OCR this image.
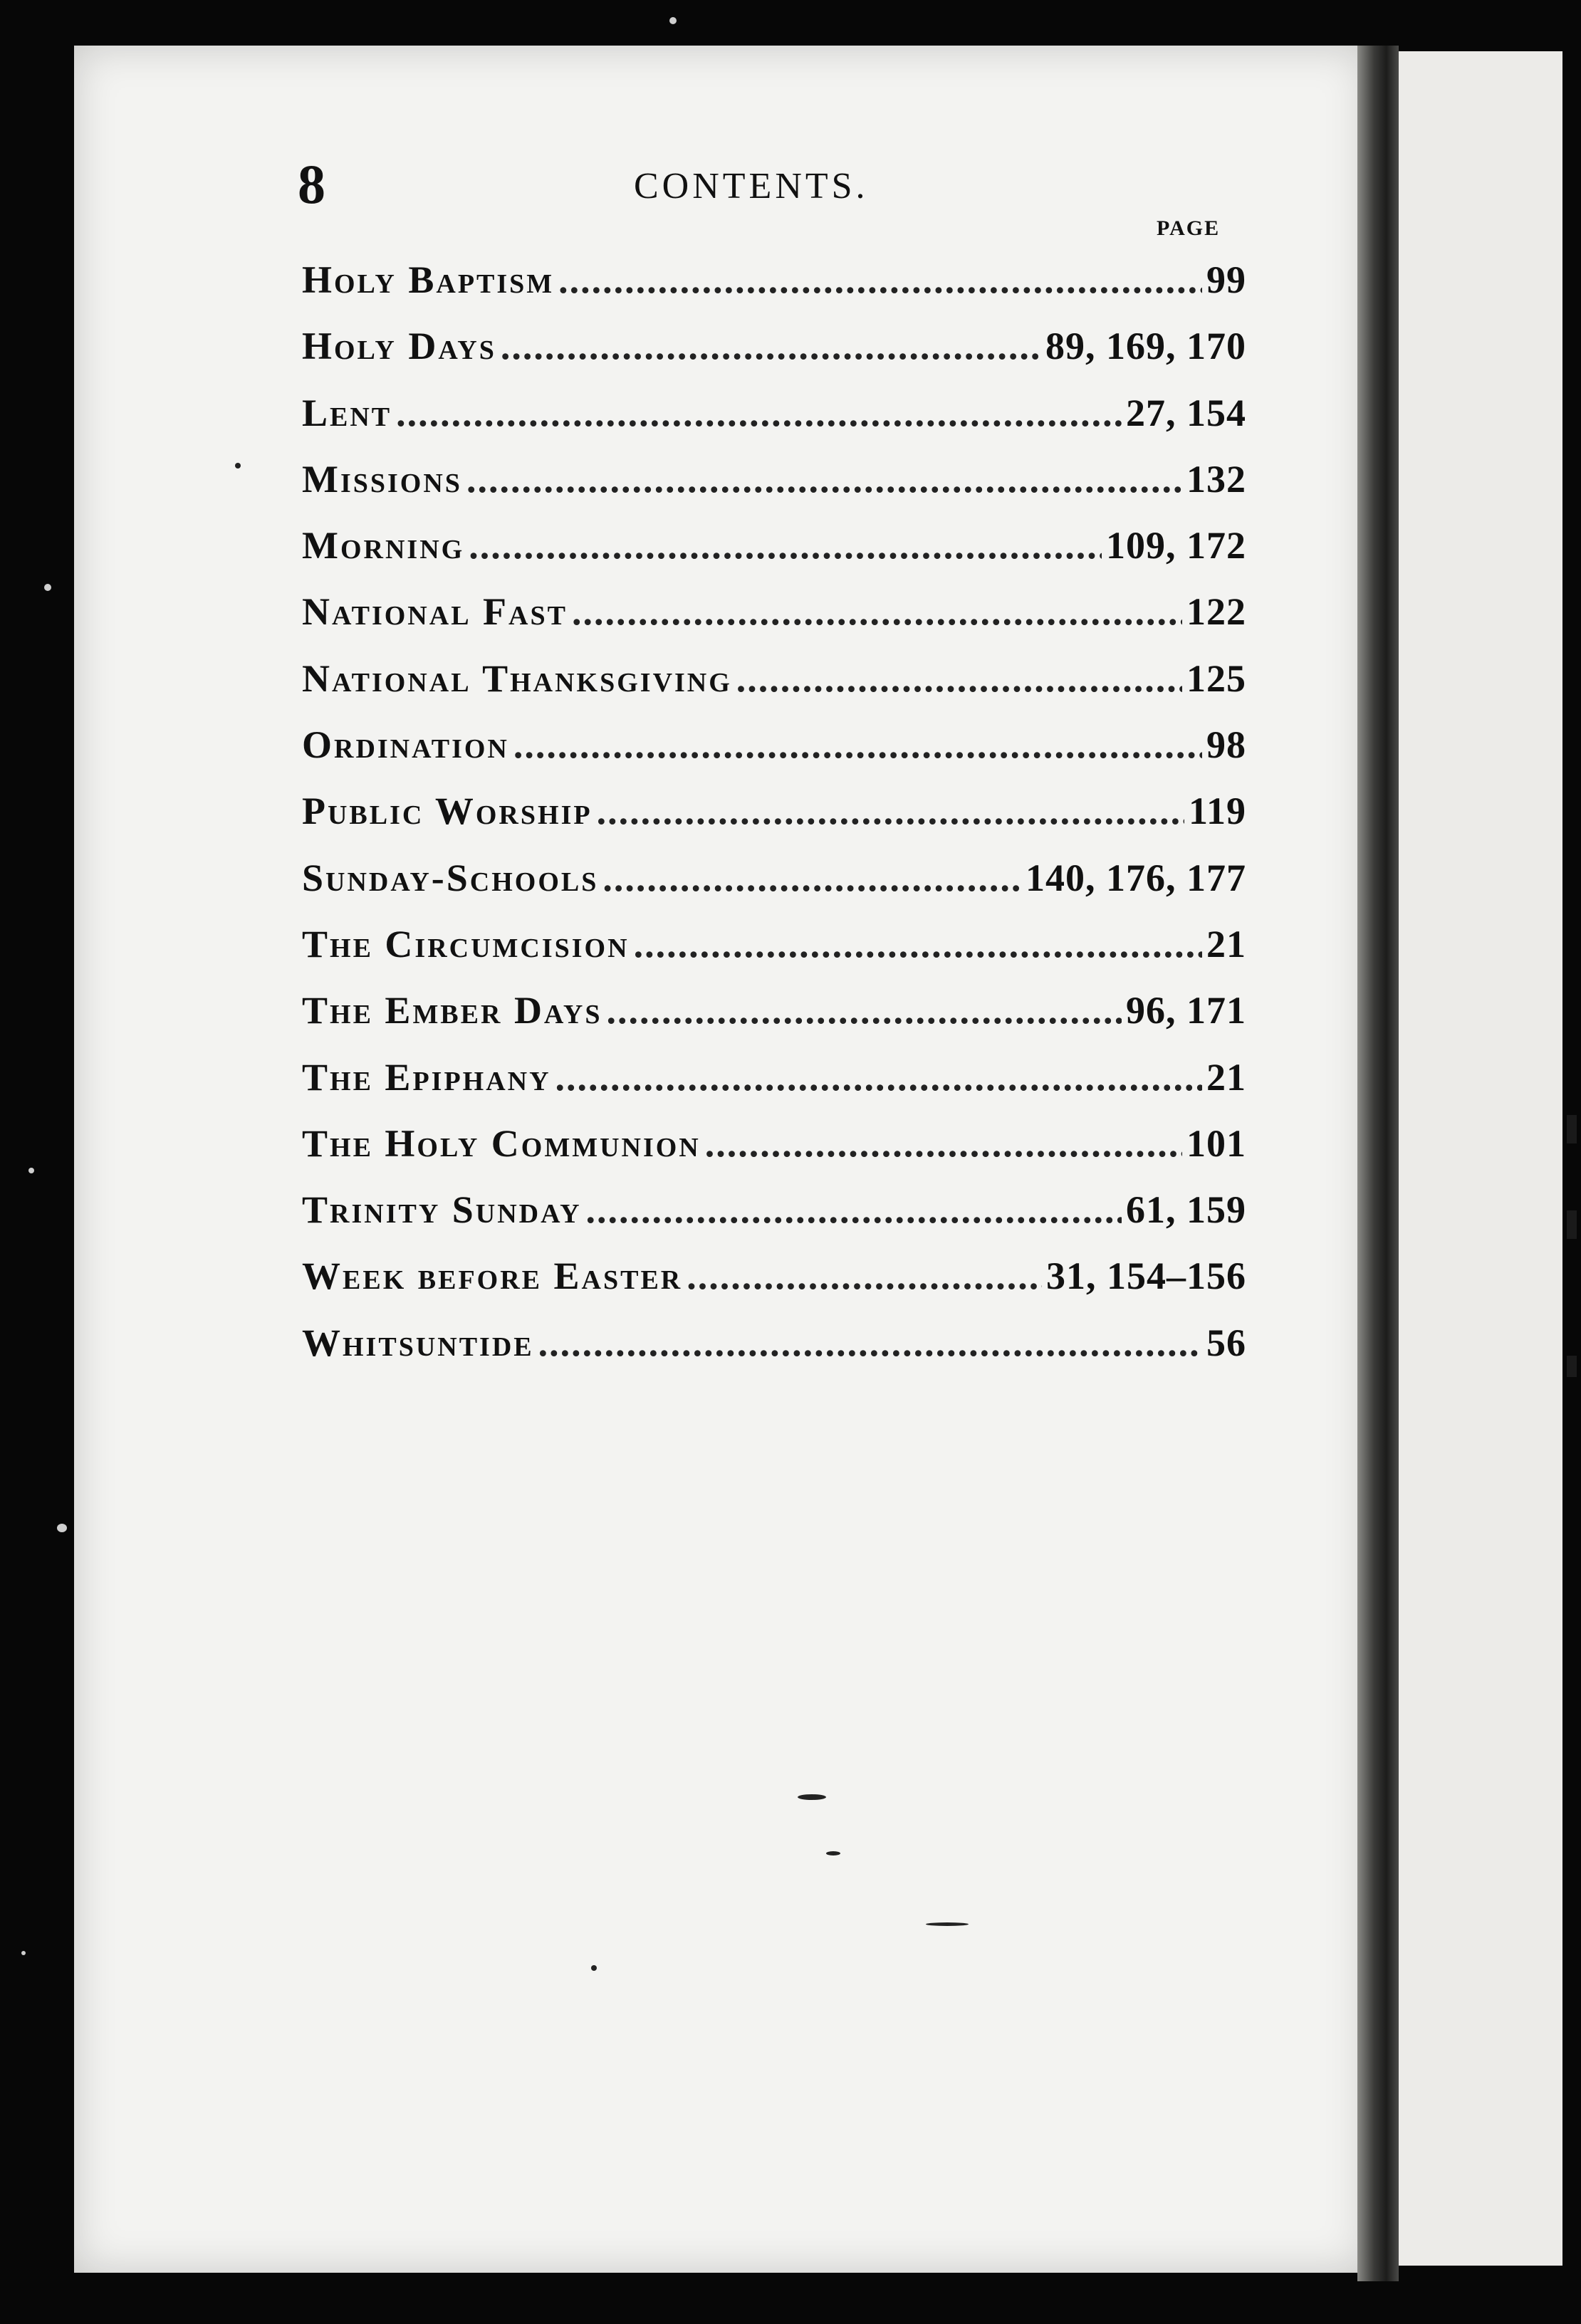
8	CONTENTS.
PAGE
Holy Baptism .....	99
Holy Days .....	89, 169, 170
Lent .....	27, 154
Missions .....	132
Morning .....	109, 172
National Fast .....	122
National Thanksgiving .....	125
Ordination .....	98
Public Worship .....	119
Sunday-Schools .....	140, 176, 177
The Circumcision .....	21
The Ember Days .....	96, 171
The Epiphany .....	21
The Holy Communion .....	101
Trinity Sunday .....	61, 159
Week before Easter .....	31, 154–156
Whitsuntide .....	56
